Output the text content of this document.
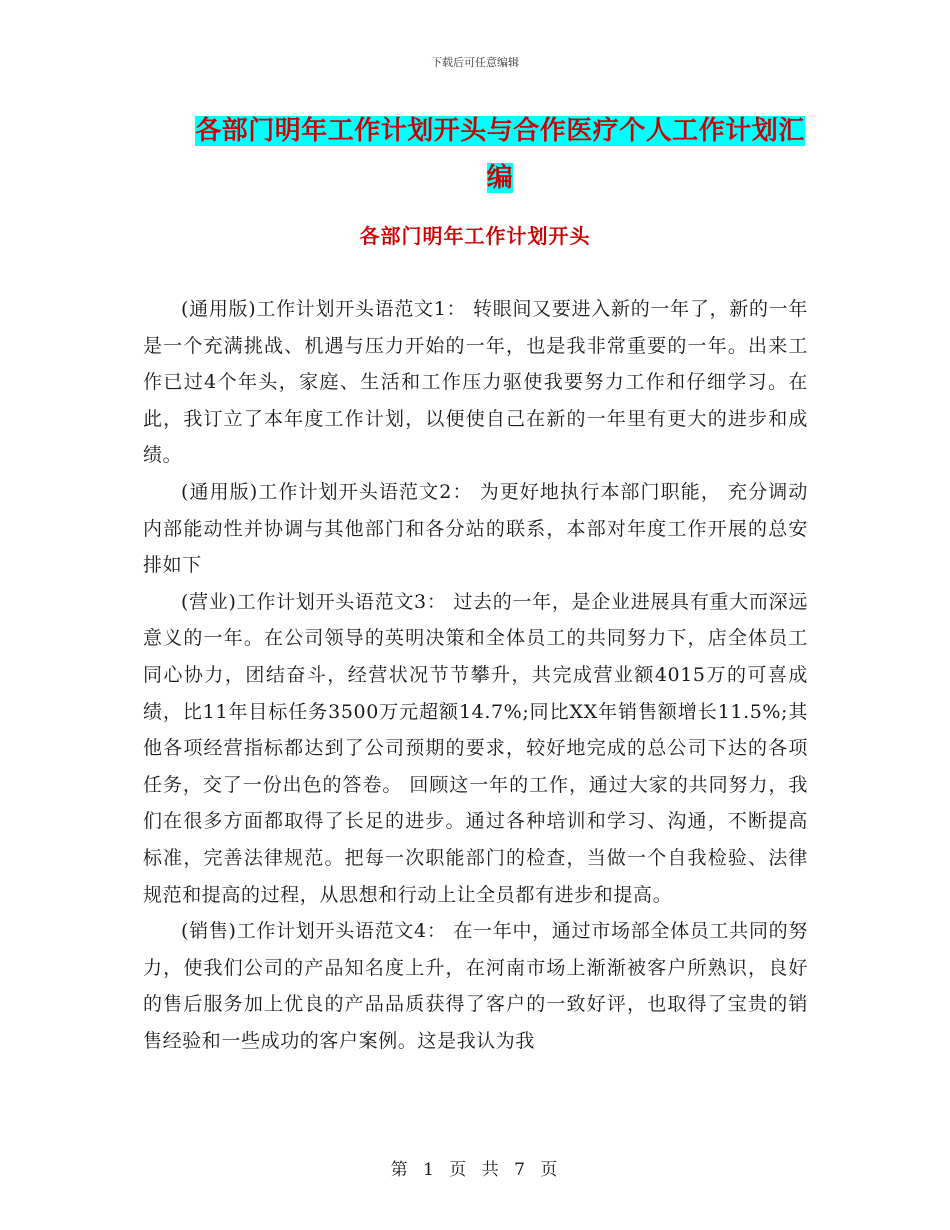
下载后可任意编辑
各部门明年工作计划开头与合作医疗个人工作计划汇编
各部门明年工作计划开头

(通用版)工作计划开头语范文1： 转眼间又要进入新的一年了，新的一年是一个充满挑战、机遇与压力开始的一年，也是我非常重要的一年。出来工作已过4个年头，家庭、生活和工作压力驱使我要努力工作和仔细学习。在此，我订立了本年度工作计划，以便使自己在新的一年里有更大的进步和成绩。

(通用版)工作计划开头语范文2： 为更好地执行本部门职能， 充分调动内部能动性并协调与其他部门和各分站的联系，本部对年度工作开展的总安排如下

(营业)工作计划开头语范文3： 过去的一年，是企业进展具有重大而深远意义的一年。在公司领导的英明决策和全体员工的共同努力下，店全体员工同心协力，团结奋斗，经营状况节节攀升，共完成营业额4015万的可喜成绩，比11年目标任务3500万元超额14.7%;同比XX年销售额增长11.5%;其他各项经营指标都达到了公司预期的要求，较好地完成的总公司下达的各项任务，交了一份出色的答卷。 回顾这一年的工作，通过大家的共同努力，我们在很多方面都取得了长足的进步。通过各种培训和学习、沟通，不断提高标准，完善法律规范。把每一次职能部门的检查，当做一个自我检验、法律规范和提高的过程，从思想和行动上让全员都有进步和提高。

(销售)工作计划开头语范文4： 在一年中，通过市场部全体员工共同的努力，使我们公司的产品知名度上升，在河南市场上渐渐被客户所熟识，良好的售后服务加上优良的产品品质获得了客户的一致好评，也取得了宝贵的销售经验和一些成功的客户案例。这是我认为我

第 1 页 共 7 页
